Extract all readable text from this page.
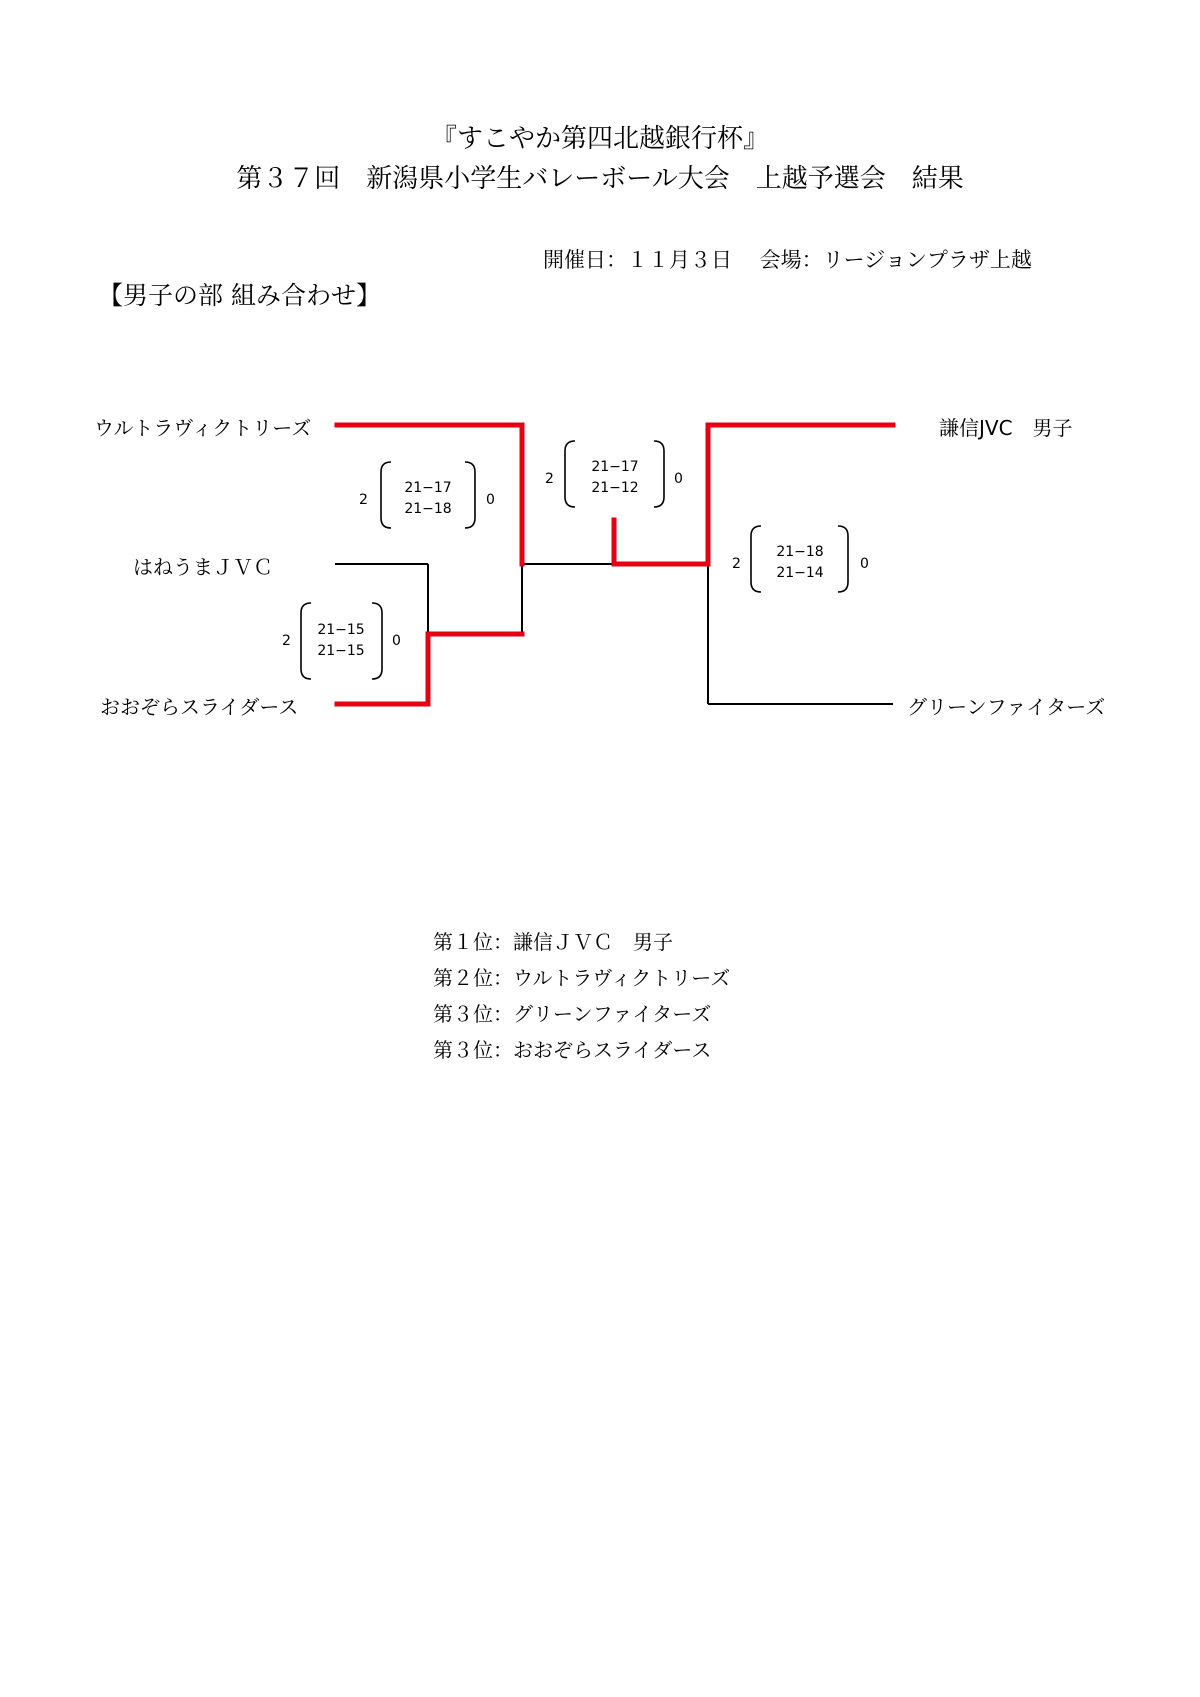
『すこやか第四北越銀行杯』
第３７回　新潟県小学生バレーボール大会　上越予選会　結果
開催日：１１月３日　 会場：リージョンプラザ上越
【男子の部 組み合わせ】
ウルトラヴィクトリーズ
はねうまＪＶＣ
おおぞらスライダース
謙信JVC　男子
グリーンファイターズ
2
21−17
21−18
0
2
21−15
21−15
0
2
21−17
21−12
0
2
21−18
21−14
0
第１位：謙信ＪＶＣ　男子
第２位：ウルトラヴィクトリーズ
第３位：グリーンファイターズ
第３位：おおぞらスライダース
